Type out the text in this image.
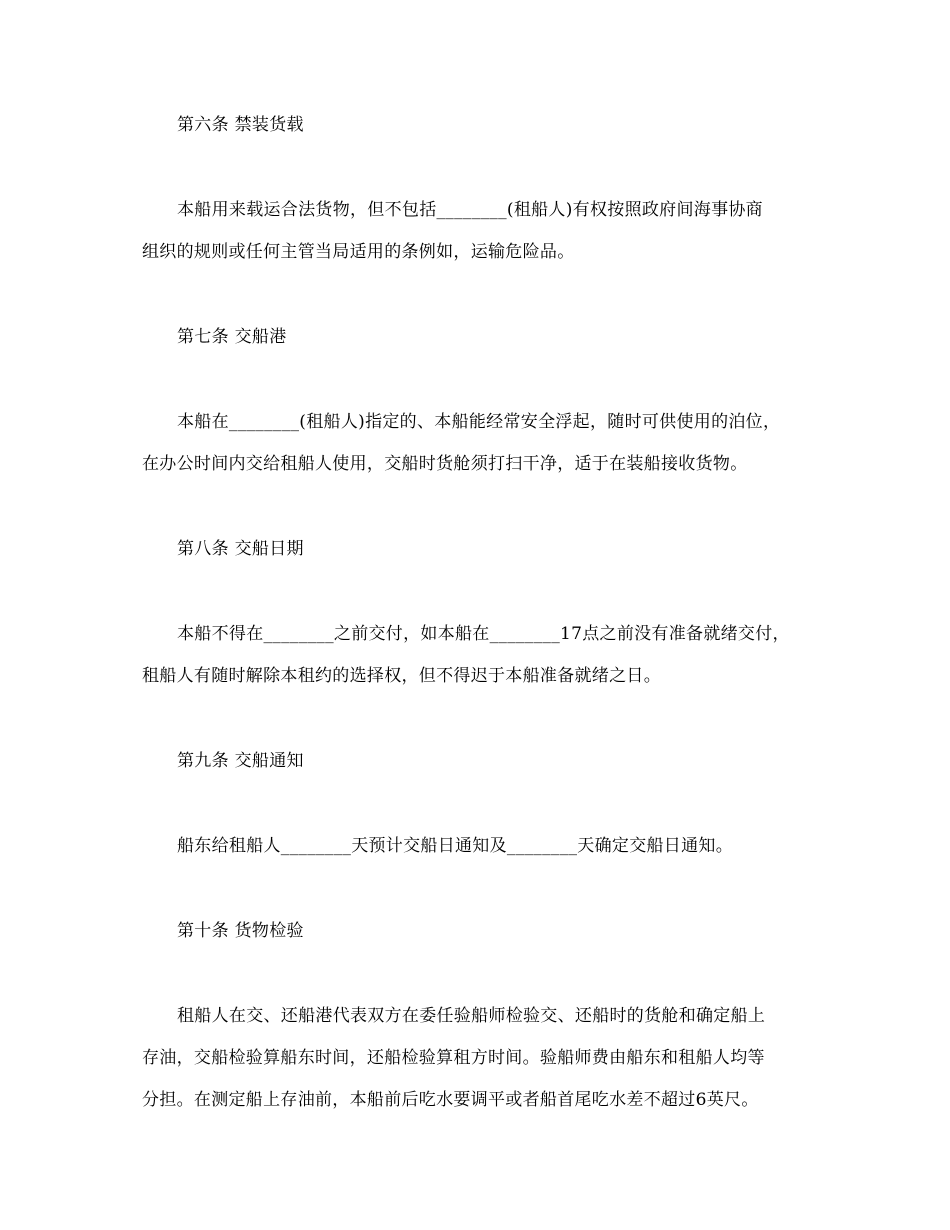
第六条 禁装货载
本船用来载运合法货物，但不包括________(租船人)有权按照政府间海事协商
组织的规则或任何主管当局适用的条例如，运输危险品。
第七条 交船港
本船在________(租船人)指定的、本船能经常安全浮起，随时可供使用的泊位，
在办公时间内交给租船人使用，交船时货舱须打扫干净，适于在装船接收货物。
第八条 交船日期
本船不得在________之前交付，如本船在________17点之前没有准备就绪交付，
租船人有随时解除本租约的选择权，但不得迟于本船准备就绪之日。
第九条 交船通知
船东给租船人________天预计交船日通知及________天确定交船日通知。
第十条 货物检验
租船人在交、还船港代表双方在委任验船师检验交、还船时的货舱和确定船上
存油，交船检验算船东时间，还船检验算租方时间。验船师费由船东和租船人均等
分担。在测定船上存油前，本船前后吃水要调平或者船首尾吃水差不超过6英尺。
